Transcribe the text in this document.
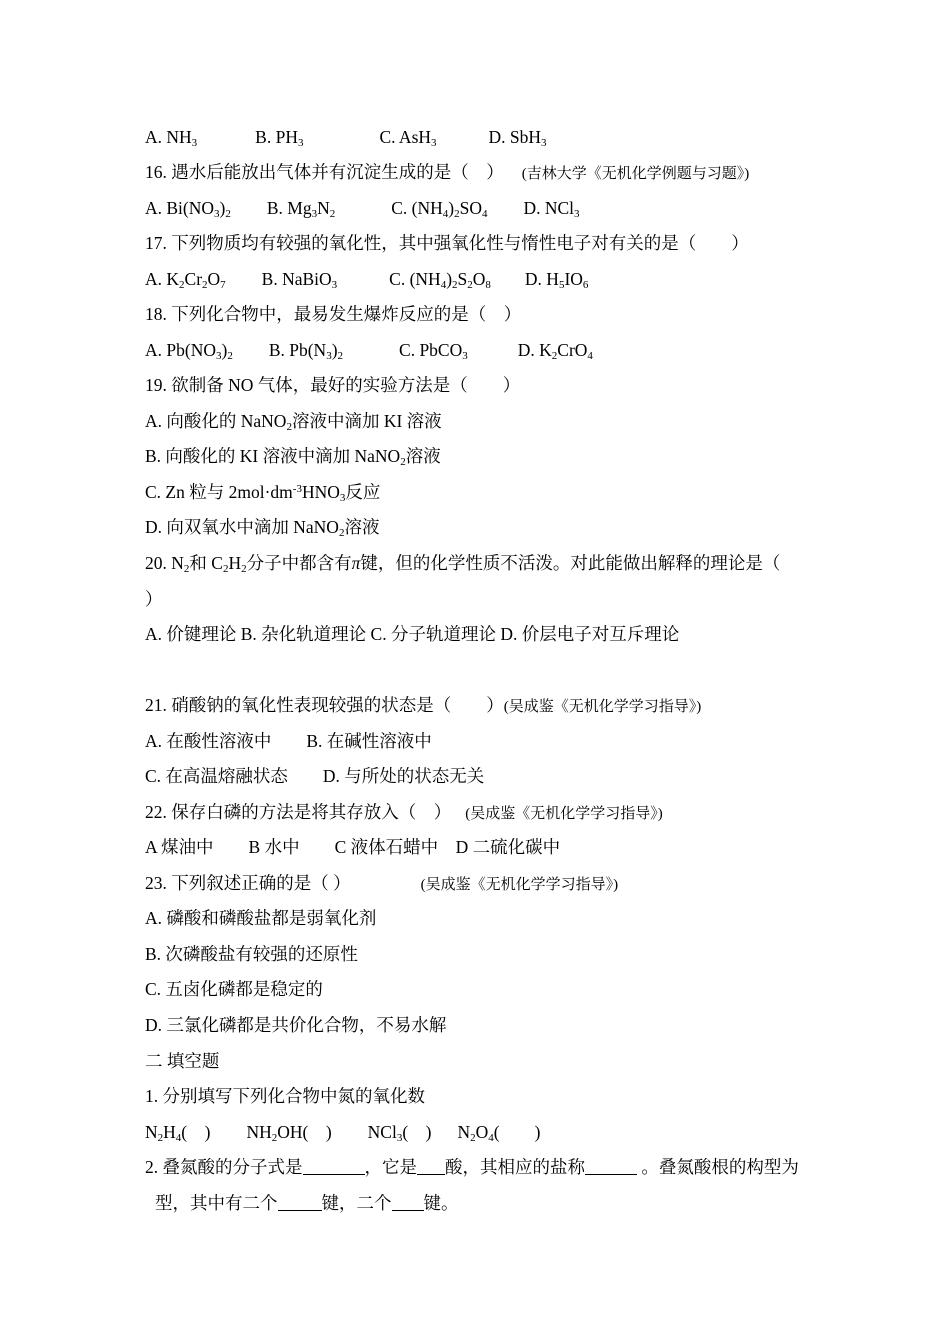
A. $NH_3$	B. $PH_3$	C. AsH$_3$	D. SbH$_3$
16. 遇水后能放出气体并有沉淀生成的是（　） (吉林大学《无机化学例题与习题》)
A. $Bi(NO_3)_2$ B. $Mg_3N_2$	C. $(NH_4)_2SO_4$ D. NCl$_3$
17. 下列物质均有较强的氧化性，其中强氧化性与惰性电子对有关的是（　　）
A. $K_2Cr_2O_7$ B. NaBiO$_3$	C. $(NH_4)_2S_2O_8$ D. $H_5IO_6$
18. 下列化合物中，最易发生爆炸反应的是（　）
A. $Pb(NO_3)_2$ B. $Pb(N_3)_2$	C. PbCO$_3$	D. $K_2CrO_4$
19. 欲制备 NO 气体，最好的实验方法是（　　）
A. 向酸化的 NaNO$_2$溶液中滴加 KI 溶液
B. 向酸化的 KI 溶液中滴加 NaNO$_2$溶液
C. Zn 粒与 $2mol\cdot dm^{-3}HNO_3$反应
D. 向双氧水中滴加 NaNO$_2$溶液
20. $N_2$和 $C_2H_2$分子中都含有π键，但的化学性质不活泼。对此能做出解释的理论是（
）
A. 价键理论 B. 杂化轨道理论 C. 分子轨道理论 D. 价层电子对互斥理论
21. 硝酸钠的氧化性表现较强的状态是（　　）(吴成鉴《无机化学学习指导》)
A. 在酸性溶液中　　B. 在碱性溶液中
C. 在高温熔融状态　　D. 与所处的状态无关
22. 保存白磷的方法是将其存放入（　） (吴成鉴《无机化学学习指导》)
A 煤油中　　B 水中　　C 液体石蜡中　D 二硫化碳中
23. 下列叙述正确的是（ ）	(吴成鉴《无机化学学习指导》)
A. 磷酸和磷酸盐都是弱氧化剂
B. 次磷酸盐有较强的还原性
C. 五卤化磷都是稳定的
D. 三氯化磷都是共价化合物，不易水解
二 填空题
1. 分别填写下列化合物中氮的氧化数
$N_2H_4$(　) $NH_2OH$(　) NCl$_3$(　) $N_2O_4$(　　)
2. 叠氮酸的分子式是	，它是 酸，其相应的盐称	。叠氮酸根的构型为
型，其中有二个	键，二个 键。
